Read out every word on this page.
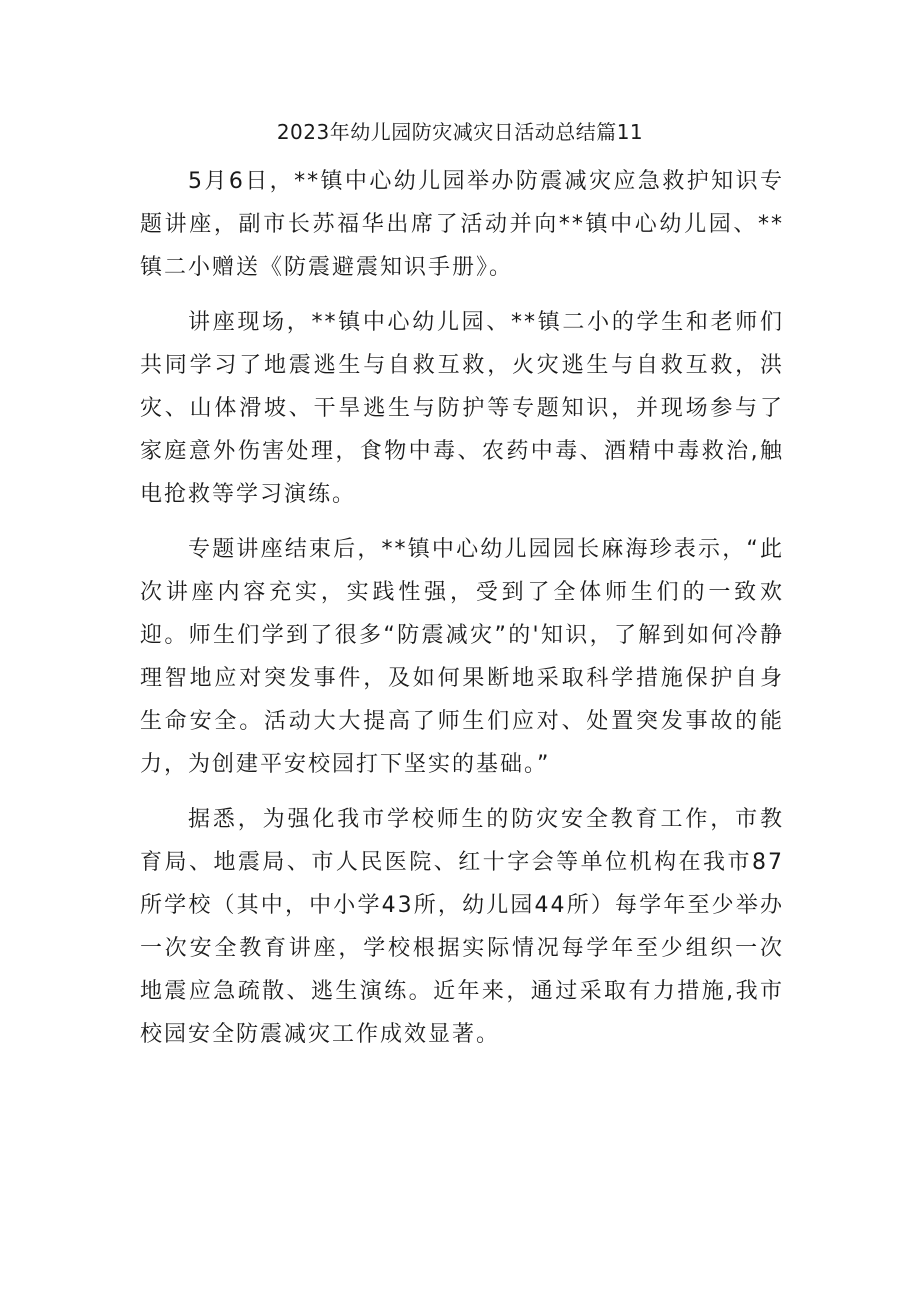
2023年幼儿园防灾减灾日活动总结篇11

5月6日，**镇中心幼儿园举办防震减灾应急救护知识专题讲座，副市长苏福华出席了活动并向**镇中心幼儿园、**镇二小赠送《防震避震知识手册》。

讲座现场，**镇中心幼儿园、**镇二小的学生和老师们共同学习了地震逃生与自救互救，火灾逃生与自救互救，洪灾、山体滑坡、干旱逃生与防护等专题知识，并现场参与了家庭意外伤害处理，食物中毒、农药中毒、酒精中毒救治,触电抢救等学习演练。

专题讲座结束后，**镇中心幼儿园园长麻海珍表示，“此次讲座内容充实，实践性强，受到了全体师生们的一致欢迎。师生们学到了很多“防震减灾”的'知识，了解到如何冷静理智地应对突发事件，及如何果断地采取科学措施保护自身生命安全。活动大大提高了师生们应对、处置突发事故的能力，为创建平安校园打下坚实的基础。”

据悉，为强化我市学校师生的防灾安全教育工作，市教育局、地震局、市人民医院、红十字会等单位机构在我市87所学校（其中，中小学43所，幼儿园44所）每学年至少举办一次安全教育讲座，学校根据实际情况每学年至少组织一次地震应急疏散、逃生演练。近年来，通过采取有力措施,我市校园安全防震减灾工作成效显著。
